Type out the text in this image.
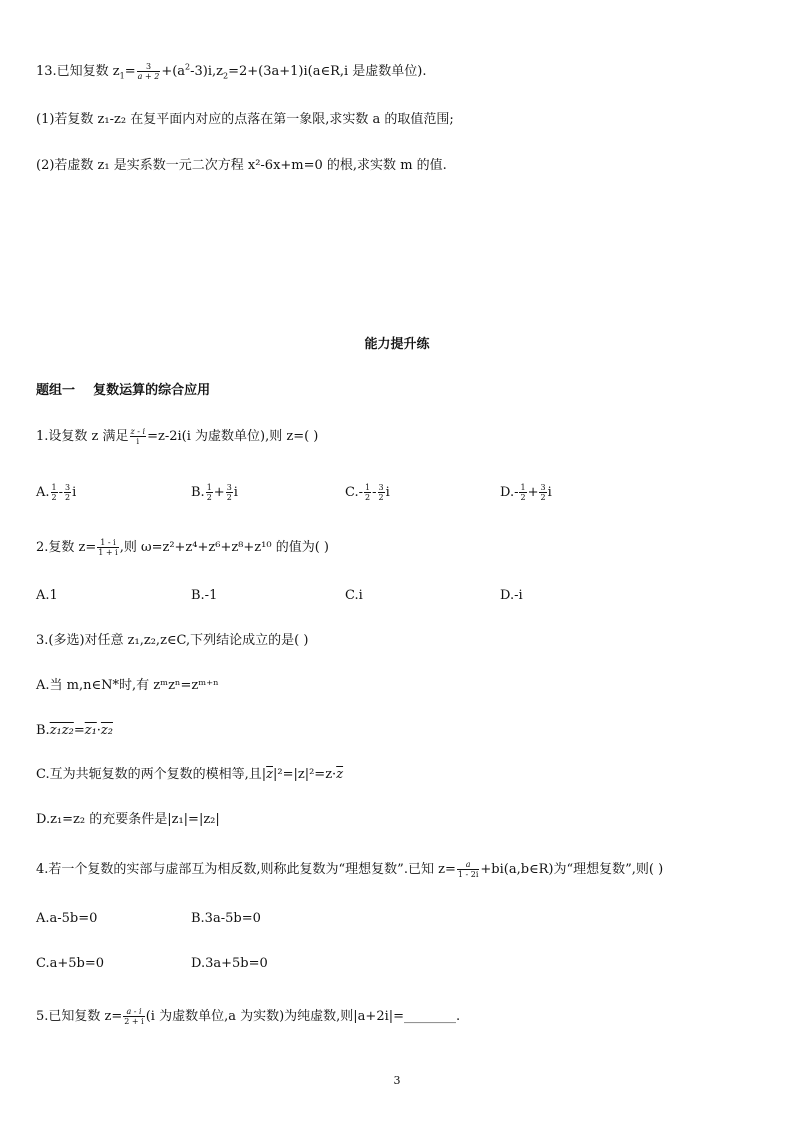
13.已知复数 $z_1= \frac{3}{a + 2}$ $+(a^2-3)i,z_2=2+(3a+1)i(a\in R,i$ 是虚数单位).
(1)若复数 z₁-z₂ 在复平面内对应的点落在第一象限,求实数 a 的取值范围;
(2)若虚数 z₁ 是实系数一元二次方程 x²-6x+m=0 的根,求实数 m 的值.
能力提升练
题组一    复数运算的综合应用
1.设复数 z 满足 $\frac{z - i}{i} =z-2i(i$ 为虚数单位),则 z=( )
A. $\frac{1}{2} - \frac{3}{2}$ i	B. $\frac{1}{2} + \frac{3}{2}$ i	$C.- \frac{1}{2} - \frac{3}{2}$ i	$D.- \frac{1}{2} + \frac{3}{2}$ i
2.复数 $z= \frac{1 - i}{1 + i}$ ,则 ω=z²+z⁴+z⁶+z⁸+z¹⁰ 的值为( )
A.1	B.-1	C.i	D.-i
3.(多选)对任意 z₁,z₂,z∈C,下列结论成立的是( )
A.当 m,n∈N*时,有 zᵐzⁿ=zᵐ⁺ⁿ
B.z₁z₂=z₁·z₂
C.互为共轭复数的两个复数的模相等,且$|\overline{z}|^2=|z|^2=z\cdot\overline{z}$
D.z₁=z₂ 的充要条件是|z₁|=|z₂|
4.若一个复数的实部与虚部互为相反数,则称此复数为“理想复数”.已知 $z= \frac{a}{1 - 2i}$ +bi(a,b∈R)为“理想复数”,则( )
A.a-5b=0	B.3a-5b=0
C.a+5b=0	D.3a+5b=0
5.已知复数 $z= \frac{a - i}{2 + i} (i$ 为虚数单位,a 为实数)为纯虚数,则|a+2i|=________.
3
